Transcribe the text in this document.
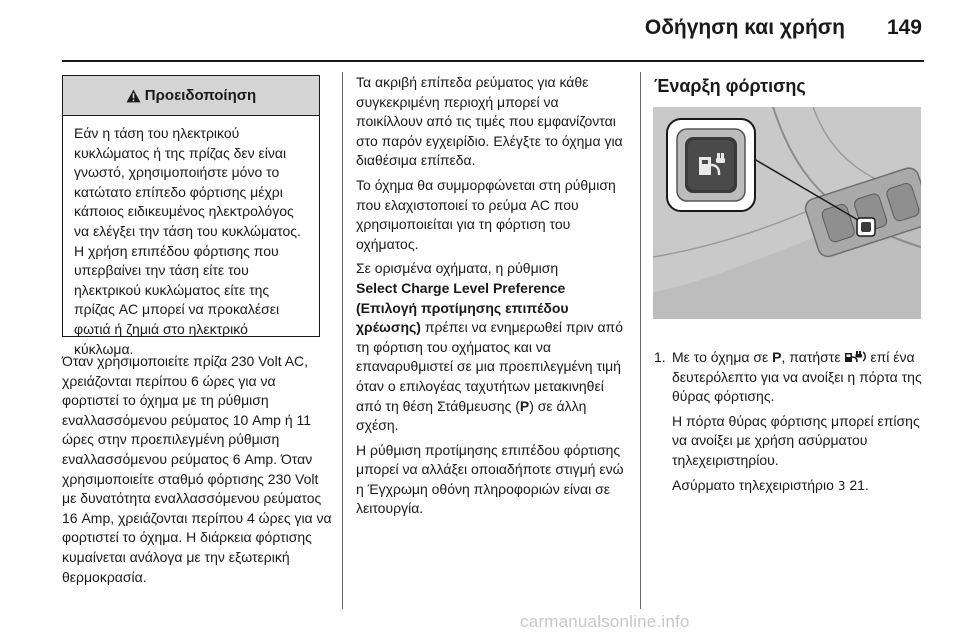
Οδήγηση και χρήση	149
Προειδοποίηση
Εάν η τάση του ηλεκτρικού κυκλώματος ή της πρίζας δεν είναι γνωστό, χρησιμοποιήστε μόνο το κατώτατο επίπεδο φόρτισης μέχρι κάποιος ειδικευμένος ηλεκτρολόγος να ελέγξει την τάση του κυκλώματος. Η χρήση επιπέδου φόρτισης που υπερβαίνει την τάση είτε του ηλεκτρικού κυκλώματος είτε της πρίζας AC μπορεί να προκαλέσει φωτιά ή ζημιά στο ηλεκτρικό κύκλωμα.

Όταν χρησιμοποιείτε πρίζα 230 Volt AC, χρειάζονται περίπου 6 ώρες για να φορτιστεί το όχημα με τη ρύθμιση εναλλασσόμενου ρεύματος 10 Amp ή 11 ώρες στην προεπιλεγμένη ρύθμιση εναλλασσόμενου ρεύματος 6 Amp. Όταν χρησιμοποιείτε σταθμό φόρτισης 230 Volt με δυνατότητα εναλλασσόμενου ρεύματος 16 Amp, χρειάζονται περίπου 4 ώρες για να φορτιστεί το όχημα. Η διάρκεια φόρτισης κυμαίνεται ανάλογα με την εξωτερική θερμοκρασία.

Τα ακριβή επίπεδα ρεύματος για κάθε συγκεκριμένη περιοχή μπορεί να ποικίλλουν από τις τιμές που εμφανίζονται στο παρόν εγχειρίδιο. Ελέγξτε το όχημα για διαθέσιμα επίπεδα.

Το όχημα θα συμμορφώνεται στη ρύθμιση που ελαχιστοποιεί το ρεύμα AC που χρησιμοποιείται για τη φόρτιση του οχήματος.

Σε ορισμένα οχήματα, η ρύθμιση
Select Charge Level Preference (Επιλογή προτίμησης επιπέδου χρέωσης) πρέπει να ενημερωθεί πριν από τη φόρτιση του οχήματος και να επαναρυθμιστεί σε μια προεπιλεγμένη τιμή όταν ο επιλογέας ταχυτήτων μετακινηθεί από τη θέση Στάθμευσης (P) σε άλλη σχέση.

Η ρύθμιση προτίμησης επιπέδου φόρτισης μπορεί να αλλάξει οποιαδήποτε στιγμή ενώ η Έγχρωμη οθόνη πληροφοριών είναι σε λειτουργία.

Έναρξη φόρτισης
1. Με το όχημα σε P, πατήστε  επί ένα δευτερόλεπτο για να ανοίξει η πόρτα της θύρας φόρτισης.

Η πόρτα θύρας φόρτισης μπορεί επίσης να ανοίξει με χρήση ασύρματου τηλεχειριστηρίου.

Ασύρματο τηλεχειριστήριο 3 21.

carmanualsonline.info
